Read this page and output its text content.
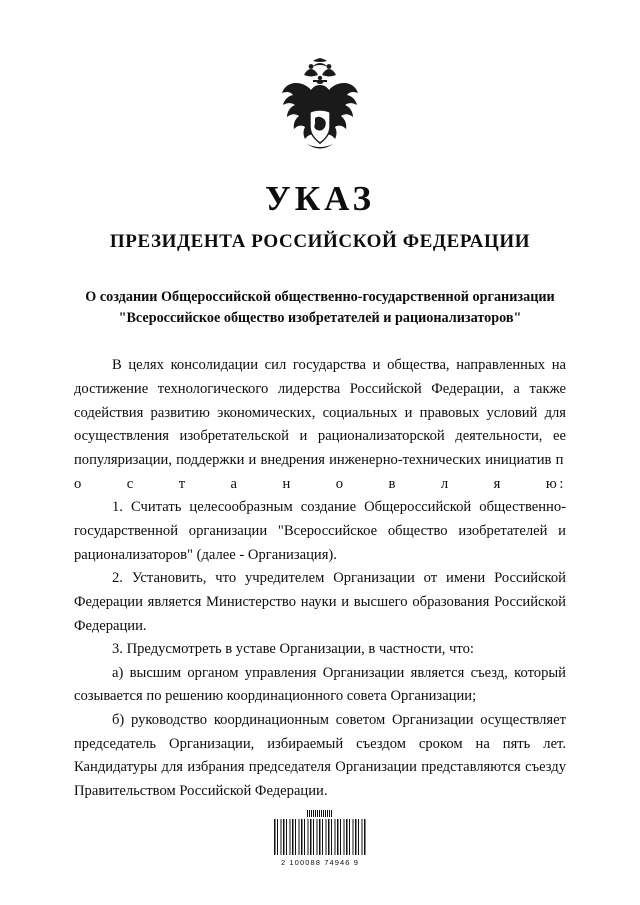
УКАЗ
ПРЕЗИДЕНТА РОССИЙСКОЙ ФЕДЕРАЦИИ
О создании Общероссийской общественно-государственной организации "Всероссийское общество изобретателей и рационализаторов"

В целях консолидации сил государства и общества, направленных на достижение технологического лидерства Российской Федерации, а также содействия развитию экономических, социальных и правовых условий для осуществления изобретательской и рационализаторской деятельности, ее популяризации, поддержки и внедрения инженерно-технических инициатив п о с т а н о в л я ю:

1. Считать целесообразным создание Общероссийской общественно-государственной организации "Всероссийское общество изобретателей и рационализаторов" (далее - Организация).

2. Установить, что учредителем Организации от имени Российской Федерации является Министерство науки и высшего образования Российской Федерации.

3. Предусмотреть в уставе Организации, в частности, что:

а) высшим органом управления Организации является съезд, который созывается по решению координационного совета Организации;

б) руководство координационным советом Организации осуществляет председатель Организации, избираемый съездом сроком на пять лет. Кандидатуры для избрания председателя Организации представляются съезду Правительством Российской Федерации.

2 100088 74946 9
